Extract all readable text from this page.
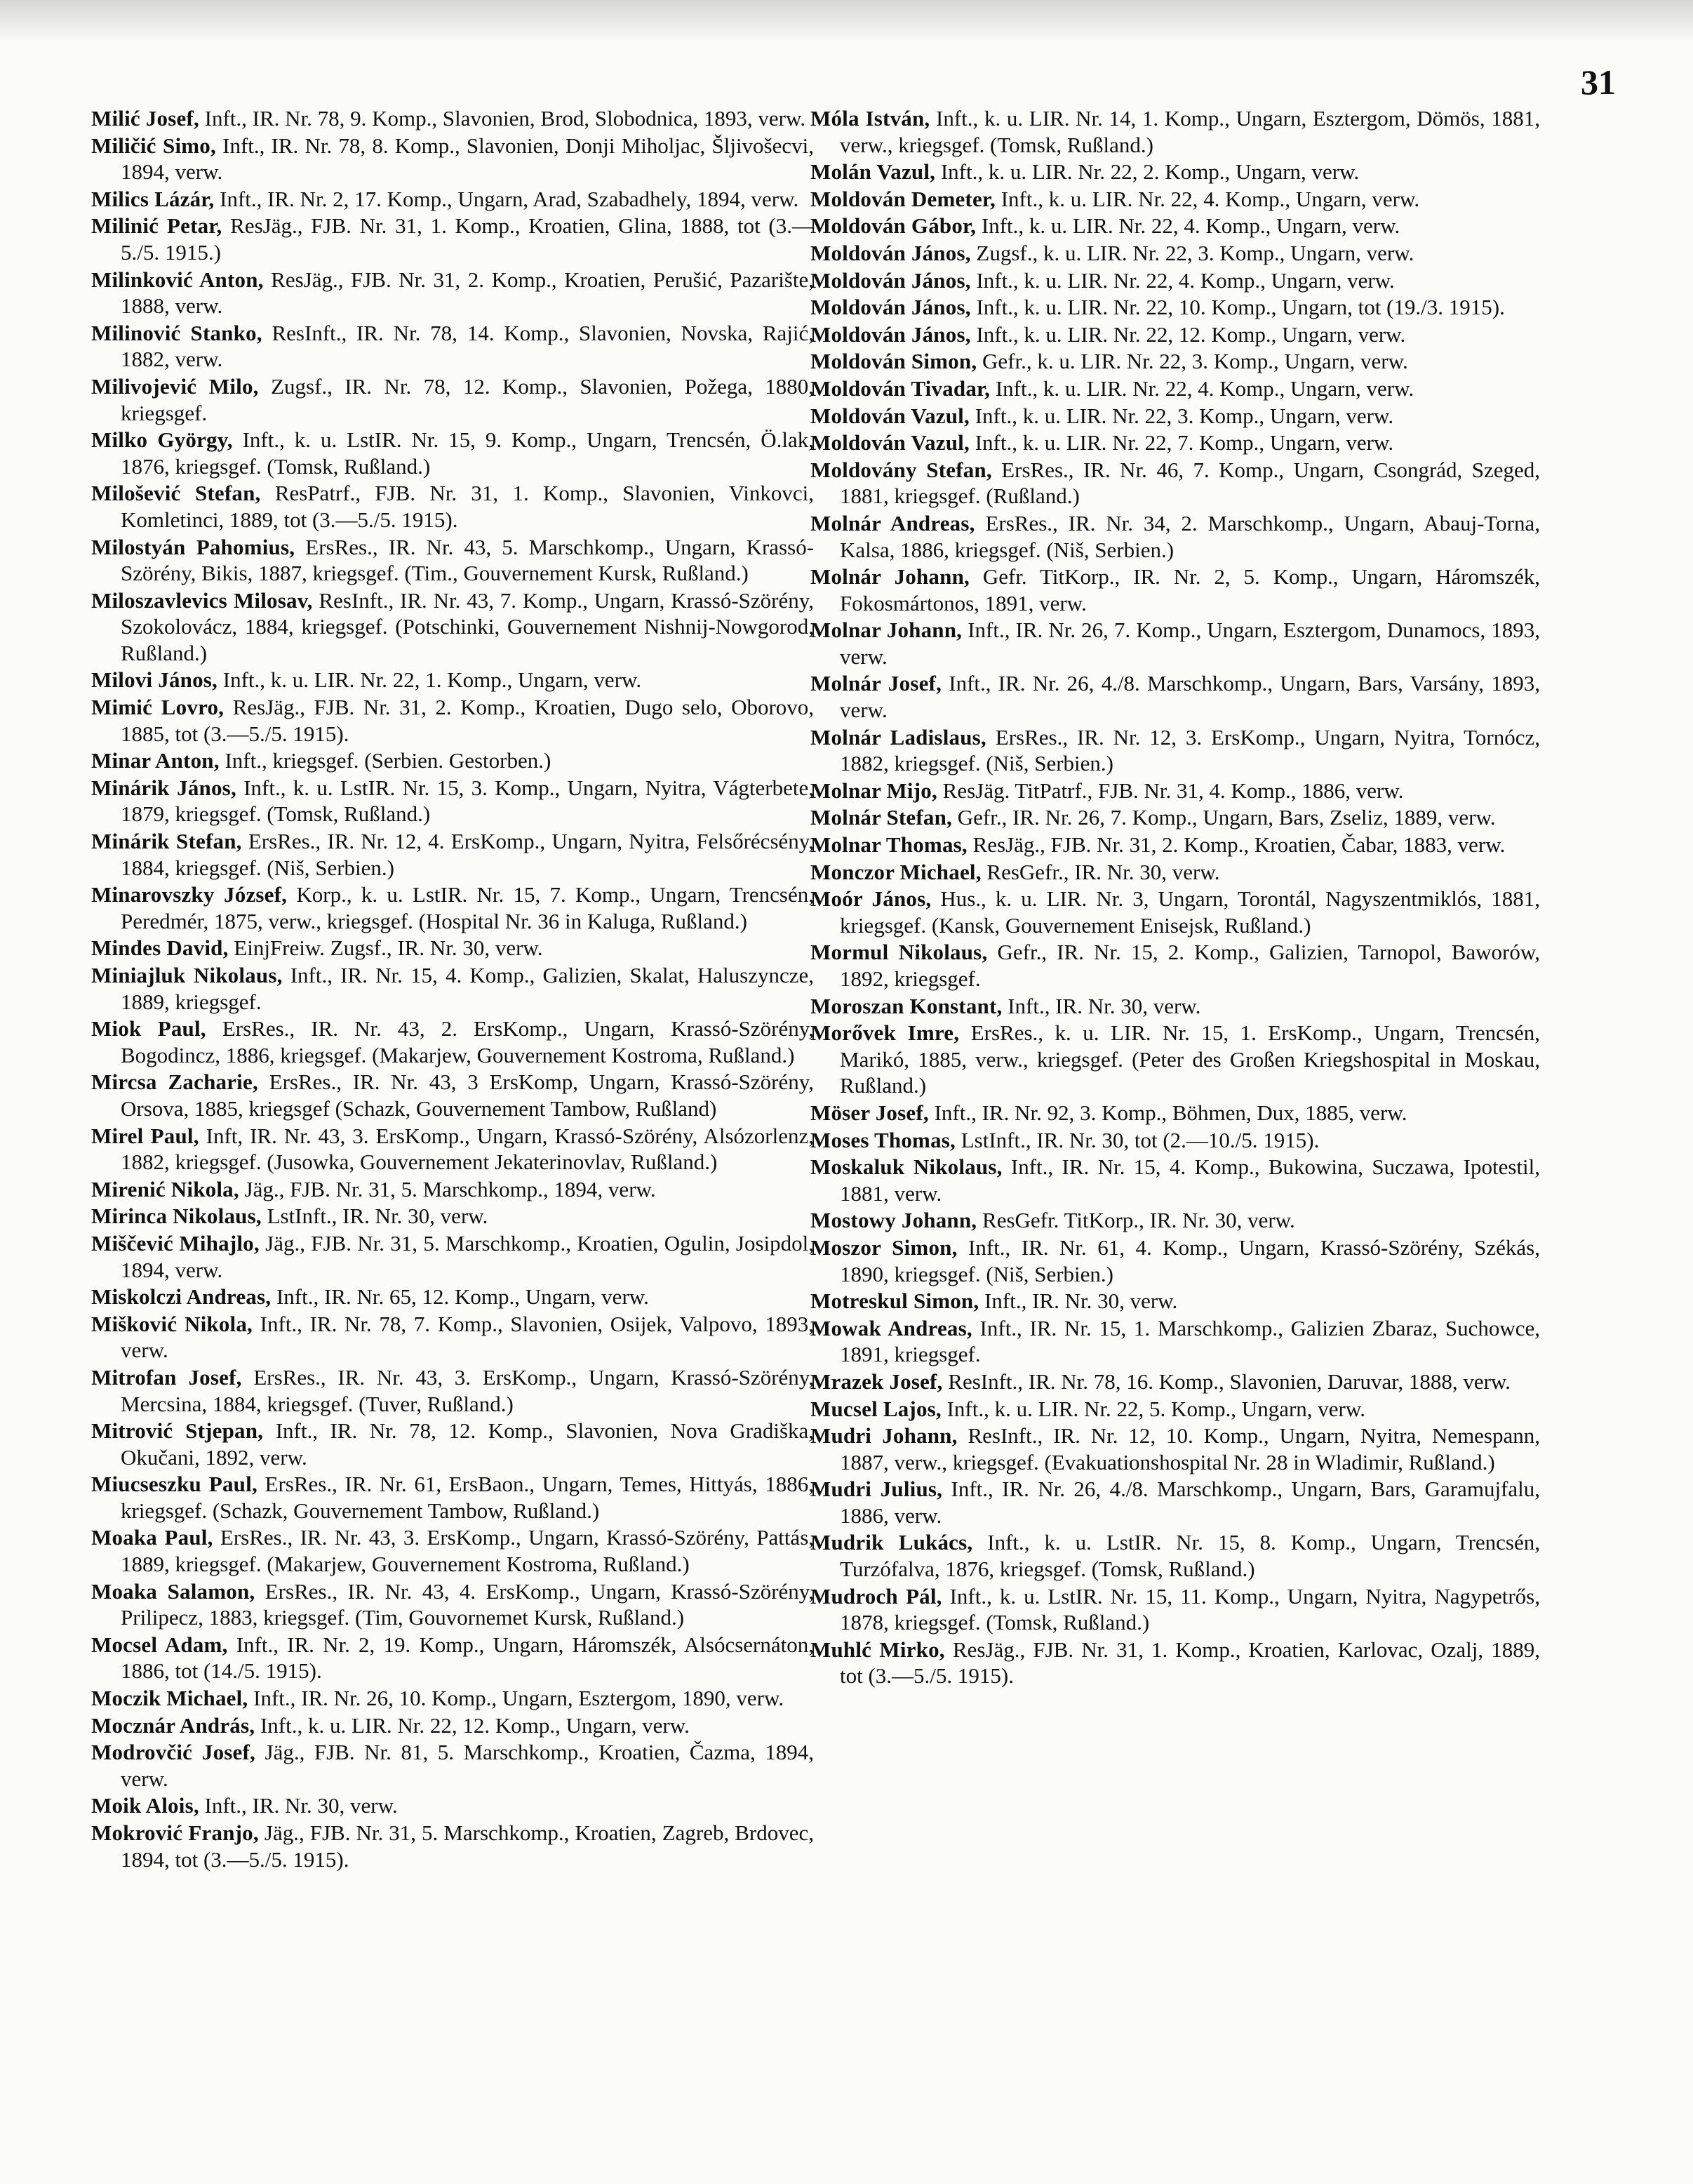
31

Milić Josef, Inft., IR. Nr. 78, 9. Komp., Slavonien, Brod, Slobodnica, 1893, verw.

Miličić Simo, Inft., IR. Nr. 78, 8. Komp., Slavonien, Donji Miholjac, Šljivošecvi, 1894, verw.

Milics Lázár, Inft., IR. Nr. 2, 17. Komp., Ungarn, Arad, Szabadhely, 1894, verw.

Milinić Petar, ResJäg., FJB. Nr. 31, 1. Komp., Kroatien, Glina, 1888, tot (3.—5./5. 1915.)

Milinković Anton, ResJäg., FJB. Nr. 31, 2. Komp., Kroatien, Perušić, Pazarište, 1888, verw.

Milinović Stanko, ResInft., IR. Nr. 78, 14. Komp., Slavonien, Novska, Rajić, 1882, verw.

Milivojević Milo, Zugsf., IR. Nr. 78, 12. Komp., Slavonien, Požega, 1880, kriegsgef.

Milko György, Inft., k. u. LstIR. Nr. 15, 9. Komp., Ungarn, Trencsén, Ö.lak, 1876, kriegsgef. (Tomsk, Rußland.)

Milošević Stefan, ResPatrf., FJB. Nr. 31, 1. Komp., Slavonien, Vinkovci, Komletinci, 1889, tot (3.—5./5. 1915).

Milostyán Pahomius, ErsRes., IR. Nr. 43, 5. Marschkomp., Ungarn, Krassó-Szörény, Bikis, 1887, kriegsgef. (Tim., Gouvernement Kursk, Rußland.)

Miloszavlevics Milosav, ResInft., IR. Nr. 43, 7. Komp., Ungarn, Krassó-Szörény, Szokolovácz, 1884, kriegsgef. (Potschinki, Gouvernement Nishnij-Nowgorod, Rußland.)

Milovi János, Inft., k. u. LIR. Nr. 22, 1. Komp., Ungarn, verw.

Mimić Lovro, ResJäg., FJB. Nr. 31, 2. Komp., Kroatien, Dugo selo, Oborovo, 1885, tot (3.—5./5. 1915).

Minar Anton, Inft., kriegsgef. (Serbien. Gestorben.)

Minárik János, Inft., k. u. LstIR. Nr. 15, 3. Komp., Ungarn, Nyitra, Vágterbete, 1879, kriegsgef. (Tomsk, Rußland.)

Minárik Stefan, ErsRes., IR. Nr. 12, 4. ErsKomp., Ungarn, Nyitra, Felsőrécsény, 1884, kriegsgef. (Niš, Serbien.)

Minarovszky József, Korp., k. u. LstIR. Nr. 15, 7. Komp., Ungarn, Trencsén, Peredmér, 1875, verw., kriegsgef. (Hospital Nr. 36 in Kaluga, Rußland.)

Mindes David, EinjFreiw. Zugsf., IR. Nr. 30, verw.

Miniajluk Nikolaus, Inft., IR. Nr. 15, 4. Komp., Galizien, Skalat, Haluszyncze, 1889, kriegsgef.

Miok Paul, ErsRes., IR. Nr. 43, 2. ErsKomp., Ungarn, Krassó-Szörény, Bogodincz, 1886, kriegsgef. (Makarjew, Gouvernement Kostroma, Rußland.)

Mircsa Zacharie, ErsRes., IR. Nr. 43, 3 ErsKomp, Ungarn, Krassó-Szörény, Orsova, 1885, kriegsgef (Schazk, Gouvernement Tambow, Rußland)

Mirel Paul, Inft, IR. Nr. 43, 3. ErsKomp., Ungarn, Krassó-Szörény, Alsózorlenz, 1882, kriegsgef. (Jusowka, Gouvernement Jekaterinovlav, Rußland.)

Mirenić Nikola, Jäg., FJB. Nr. 31, 5. Marschkomp., 1894, verw.

Mirinca Nikolaus, LstInft., IR. Nr. 30, verw.

Miščević Mihajlo, Jäg., FJB. Nr. 31, 5. Marschkomp., Kroatien, Ogulin, Josipdol, 1894, verw.

Miskolczi Andreas, Inft., IR. Nr. 65, 12. Komp., Ungarn, verw.

Mišković Nikola, Inft., IR. Nr. 78, 7. Komp., Slavonien, Osijek, Valpovo, 1893, verw.

Mitrofan Josef, ErsRes., IR. Nr. 43, 3. ErsKomp., Ungarn, Krassó-Szörény, Mercsina, 1884, kriegsgef. (Tuver, Rußland.)

Mitrović Stjepan, Inft., IR. Nr. 78, 12. Komp., Slavonien, Nova Gradiška, Okučani, 1892, verw.

Miucseszku Paul, ErsRes., IR. Nr. 61, ErsBaon., Ungarn, Temes, Hittyás, 1886, kriegsgef. (Schazk, Gouvernement Tambow, Rußland.)

Moaka Paul, ErsRes., IR. Nr. 43, 3. ErsKomp., Ungarn, Krassó-Szörény, Pattás, 1889, kriegsgef. (Makarjew, Gouvernement Kostroma, Rußland.)

Moaka Salamon, ErsRes., IR. Nr. 43, 4. ErsKomp., Ungarn, Krassó-Szörény, Prilipecz, 1883, kriegsgef. (Tim, Gouvornemet Kursk, Rußland.)

Mocsel Adam, Inft., IR. Nr. 2, 19. Komp., Ungarn, Háromszék, Alsócsernáton, 1886, tot (14./5. 1915).

Moczik Michael, Inft., IR. Nr. 26, 10. Komp., Ungarn, Esztergom, 1890, verw.

Mocznár András, Inft., k. u. LIR. Nr. 22, 12. Komp., Ungarn, verw.

Modrovčić Josef, Jäg., FJB. Nr. 81, 5. Marschkomp., Kroatien, Čazma, 1894, verw.

Moik Alois, Inft., IR. Nr. 30, verw.

Mokrović Franjo, Jäg., FJB. Nr. 31, 5. Marschkomp., Kroatien, Zagreb, Brdovec, 1894, tot (3.—5./5. 1915).

Móla István, Inft., k. u. LIR. Nr. 14, 1. Komp., Ungarn, Esztergom, Dömös, 1881, verw., kriegsgef. (Tomsk, Rußland.)

Molán Vazul, Inft., k. u. LIR. Nr. 22, 2. Komp., Ungarn, verw.

Moldován Demeter, Inft., k. u. LIR. Nr. 22, 4. Komp., Ungarn, verw.

Moldován Gábor, Inft., k. u. LIR. Nr. 22, 4. Komp., Ungarn, verw.

Moldován János, Zugsf., k. u. LIR. Nr. 22, 3. Komp., Ungarn, verw.

Moldován János, Inft., k. u. LIR. Nr. 22, 4. Komp., Ungarn, verw.

Moldován János, Inft., k. u. LIR. Nr. 22, 10. Komp., Ungarn, tot (19./3. 1915).

Moldován János, Inft., k. u. LIR. Nr. 22, 12. Komp., Ungarn, verw.

Moldován Simon, Gefr., k. u. LIR. Nr. 22, 3. Komp., Ungarn, verw.

Moldován Tivadar, Inft., k. u. LIR. Nr. 22, 4. Komp., Ungarn, verw.

Moldován Vazul, Inft., k. u. LIR. Nr. 22, 3. Komp., Ungarn, verw.

Moldován Vazul, Inft., k. u. LIR. Nr. 22, 7. Komp., Ungarn, verw.

Moldovány Stefan, ErsRes., IR. Nr. 46, 7. Komp., Ungarn, Csongrád, Szeged, 1881, kriegsgef. (Rußland.)

Molnár Andreas, ErsRes., IR. Nr. 34, 2. Marschkomp., Ungarn, Abauj-Torna, Kalsa, 1886, kriegsgef. (Niš, Serbien.)

Molnár Johann, Gefr. TitKorp., IR. Nr. 2, 5. Komp., Ungarn, Háromszék, Fokosmártonos, 1891, verw.

Molnar Johann, Inft., IR. Nr. 26, 7. Komp., Ungarn, Esztergom, Dunamocs, 1893, verw.

Molnár Josef, Inft., IR. Nr. 26, 4./8. Marschkomp., Ungarn, Bars, Varsány, 1893, verw.

Molnár Ladislaus, ErsRes., IR. Nr. 12, 3. ErsKomp., Ungarn, Nyitra, Tornócz, 1882, kriegsgef. (Niš, Serbien.)

Molnar Mijo, ResJäg. TitPatrf., FJB. Nr. 31, 4. Komp., 1886, verw.

Molnár Stefan, Gefr., IR. Nr. 26, 7. Komp., Ungarn, Bars, Zseliz, 1889, verw.

Molnar Thomas, ResJäg., FJB. Nr. 31, 2. Komp., Kroatien, Čabar, 1883, verw.

Monczor Michael, ResGefr., IR. Nr. 30, verw.

Moór János, Hus., k. u. LIR. Nr. 3, Ungarn, Torontál, Nagyszentmiklós, 1881, kriegsgef. (Kansk, Gouvernement Enisejsk, Rußland.)

Mormul Nikolaus, Gefr., IR. Nr. 15, 2. Komp., Galizien, Tarnopol, Baworów, 1892, kriegsgef.

Moroszan Konstant, Inft., IR. Nr. 30, verw.

Morővek Imre, ErsRes., k. u. LIR. Nr. 15, 1. ErsKomp., Ungarn, Trencsén, Marikó, 1885, verw., kriegsgef. (Peter des Großen Kriegshospital in Moskau, Rußland.)

Möser Josef, Inft., IR. Nr. 92, 3. Komp., Böhmen, Dux, 1885, verw.

Moses Thomas, LstInft., IR. Nr. 30, tot (2.—10./5. 1915).

Moskaluk Nikolaus, Inft., IR. Nr. 15, 4. Komp., Bukowina, Suczawa, Ipotestil, 1881, verw.

Mostowy Johann, ResGefr. TitKorp., IR. Nr. 30, verw.

Moszor Simon, Inft., IR. Nr. 61, 4. Komp., Ungarn, Krassó-Szörény, Székás, 1890, kriegsgef. (Niš, Serbien.)

Motreskul Simon, Inft., IR. Nr. 30, verw.

Mowak Andreas, Inft., IR. Nr. 15, 1. Marschkomp., Galizien Zbaraz, Suchowce, 1891, kriegsgef.

Mrazek Josef, ResInft., IR. Nr. 78, 16. Komp., Slavonien, Daruvar, 1888, verw.

Mucsel Lajos, Inft., k. u. LIR. Nr. 22, 5. Komp., Ungarn, verw.

Mudri Johann, ResInft., IR. Nr. 12, 10. Komp., Ungarn, Nyitra, Nemespann, 1887, verw., kriegsgef. (Evakuationshospital Nr. 28 in Wladimir, Rußland.)

Mudri Julius, Inft., IR. Nr. 26, 4./8. Marschkomp., Ungarn, Bars, Garamujfalu, 1886, verw.

Mudrik Lukács, Inft., k. u. LstIR. Nr. 15, 8. Komp., Ungarn, Trencsén, Turzófalva, 1876, kriegsgef. (Tomsk, Rußland.)

Mudroch Pál, Inft., k. u. LstIR. Nr. 15, 11. Komp., Ungarn, Nyitra, Nagypetrős, 1878, kriegsgef. (Tomsk, Rußland.)

Muhlć Mirko, ResJäg., FJB. Nr. 31, 1. Komp., Kroatien, Karlovac, Ozalj, 1889, tot (3.—5./5. 1915).
